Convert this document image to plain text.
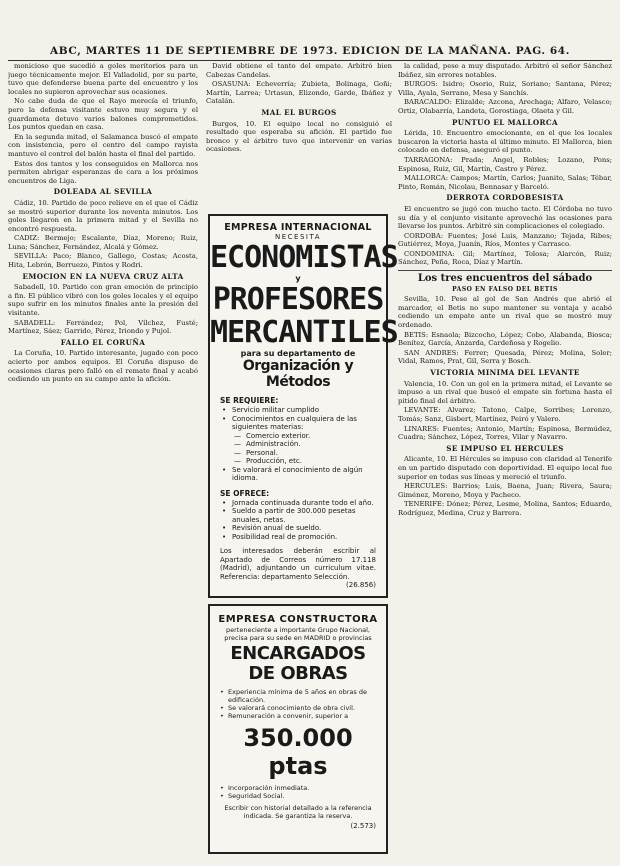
ABC, MARTES 11 DE SEPTIEMBRE DE 1973. EDICION DE LA MAÑANA. PAG. 64.

monicioso que sucedió a goles meritorios para un juego técnicamente mejor. El Valladolid, por su parte, tuvo que defenderse buena parte del encuentro y los locales no supieron aprovechar sus ocasiones.

No cabe duda de que el Rayo merecía el triunfo, pero la defensa visitante estuvo muy segura y el guardameta detuvo varios balones comprometidos. Los puntos quedan en casa.

En la segunda mitad, el Salamanca buscó el empate con insistencia, pero el centro del campo rayista mantuvo el control del balón hasta el final del partido.

Estos dos tantos y los conseguidos en Mallorca nos permiten abrigar esperanzas de cara a los próximos encuentros de Liga.

DOLEADA AL SEVILLA

Cádiz, 10. Partido de poco relieve en el que el Cádiz se mostró superior durante los noventa minutos. Los goles llegaron en la primera mitad y el Sevilla no encontró respuesta.

CADIZ: Bermejo; Escalante, Díaz, Moreno; Ruiz, Luna; Sánchez, Fernández, Alcalá y Gómez.

SEVILLA: Paco; Blanco, Gallego, Costas; Acosta, Hita, Lebrón, Berruezo, Pintos y Rodri.

EMOCION EN LA NUEVA CRUZ ALTA

Sabadell, 10. Partido con gran emoción de principio a fin. El público vibró con los goles locales y el equipo supo sufrir en los minutos finales ante la presión del visitante.

SABADELL: Ferrández; Pol, Vílchez, Fusté; Martínez, Sáez; Garrido, Pérez, Iriondo y Pujol.

FALLO EL CORUÑA

La Coruña, 10. Partido interesante, jugado con poco acierto por ambos equipos. El Coruña dispuso de ocasiones claras pero falló en el remate final y acabó cediendo un punto en su campo ante la afición.

David obtiene el tanto del empate. Arbitró bien Cabezas Candelas.

OSASUNA: Echeverría; Zubieta, Bolinaga, Goñi; Martín, Larrea; Urtasun, Elizondo, Garde, Ibáñez y Catalán.

MAL EL BURGOS

Burgos, 10. El equipo local no consiguió el resultado que esperaba su afición. El partido fue bronco y el árbitro tuvo que intervenir en varias ocasiones.

EMPRESA INTERNACIONAL
NECESITA
ECONOMISTAS
y
PROFESORES
MERCANTILES
para su departamento de
Organización y Métodos
SE REQUIERE:
• Servicio militar cumplido
• Conocimientos en cualquiera de las siguientes materias:
— Comercio exterior.
— Administración.
— Personal.
— Producción, etc.
• Se valorará el conocimiento de algún idioma.
SE OFRECE:
• Jornada continuada durante todo el año.
• Sueldo a partir de 300.000 pesetas anuales, netas.
• Revisión anual de sueldo.
• Posibilidad real de promoción.
Los interesados deberán escribir al Apartado de Correos número 17.118 (Madrid), adjuntando un curriculum vitae. Referencia: departamento Selección.
(26.856)
EMPRESA CONSTRUCTORA
perteneciente a importante Grupo Nacional, precisa para su sede en MADRID o provincias
ENCARGADOS
DE OBRAS
• Experiencia mínima de 5 años en obras de edificación.
• Se valorará conocimiento de obra civil.
• Remuneración a convenir, superior a
350.000 ptas
• Incorporación inmediata.
• Seguridad Social.
Escribir con historial detallado a la referencia indicada. Se garantiza la reserva.
(2.573)

la calidad, pese a muy disputado. Arbitró el señor Sánchez Ibáñez, sin errores notables.

BURGOS: Isidro; Osorio, Ruiz, Soriano; Santana, Pérez; Villa, Ayala, Serrano, Mesa y Sanchís.

BARACALDO: Elizalde; Azcona, Arechaga; Alfaro, Velasco; Ortiz, Olabarría, Landeta, Gorostiaga, Olaeta y Gil.

PUNTUO EL MALLORCA

Lérida, 10. Encuentro emocionante, en el que los locales buscaron la victoria hasta el último minuto. El Mallorca, bien colocado en defensa, aseguró el punto.

TARRAGONA: Prada; Angel, Robles; Lozano, Pons; Espinosa, Ruiz, Gil, Martín, Castro y Pérez.

MALLORCA: Campos; Martín, Carlos; Juanito, Salas; Tébar, Pinto, Román, Nicolau, Bennasar y Barceló.

DERROTA CORDOBESISTA

El encuentro se jugó con mucho tacto. El Córdoba no tuvo su día y el conjunto visitante aprovechó las ocasiones para llevarse los puntos. Arbitró sin complicaciones el colegiado.

CORDOBA: Fuentes; José Luis, Manzano; Tejada, Ribes; Gutiérrez, Moya, Juanín, Ríos, Montes y Carrasco.

CONDOMINA: Gil; Martínez, Tolosa; Alarcón, Ruiz; Sánchez, Peña, Roca, Díaz y Martín.

Los tres encuentros del sábado
PASO EN FALSO DEL BETIS

Sevilla, 10. Pese al gol de San Andrés que abrió el marcador, el Betis no supo mantener su ventaja y acabó cediendo un empate ante un rival que se mostró muy ordenado.

BETIS: Esnaola; Bizcocho, López; Cobo, Alabanda, Biosca; Benítez, García, Anzarda, Cardeñosa y Rogelio.

SAN ANDRES: Ferrer; Quesada, Pérez; Molina, Soler; Vidal, Ramos, Prat, Gil, Serra y Bosch.

VICTORIA MINIMA DEL LEVANTE

Valencia, 10. Con un gol en la primera mitad, el Levante se impuso a un rival que buscó el empate sin fortuna hasta el pitido final del árbitro.

LEVANTE: Alvarez; Tatono, Calpe, Sorribes; Lorenzo, Tomás; Sanz, Gisbert, Martínez, Peiró y Valero.

LINARES: Fuentes; Antonio, Martín; Espinosa, Bermúdez, Cuadra; Sánchez, López, Torres, Vilar y Navarro.

SE IMPUSO EL HERCULES

Alicante, 10. El Hércules se impuso con claridad al Tenerife en un partido disputado con deportividad. El equipo local fue superior en todas sus líneas y mereció el triunfo.

HERCULES: Barrios; Luis, Baena, Juan; Rivera, Saura; Giménez, Moreno, Moya y Pacheco.

TENERIFE: Dónez; Pérez, Lesme, Molina, Santos; Eduardo, Rodríguez, Medina, Cruz y Barrera.
